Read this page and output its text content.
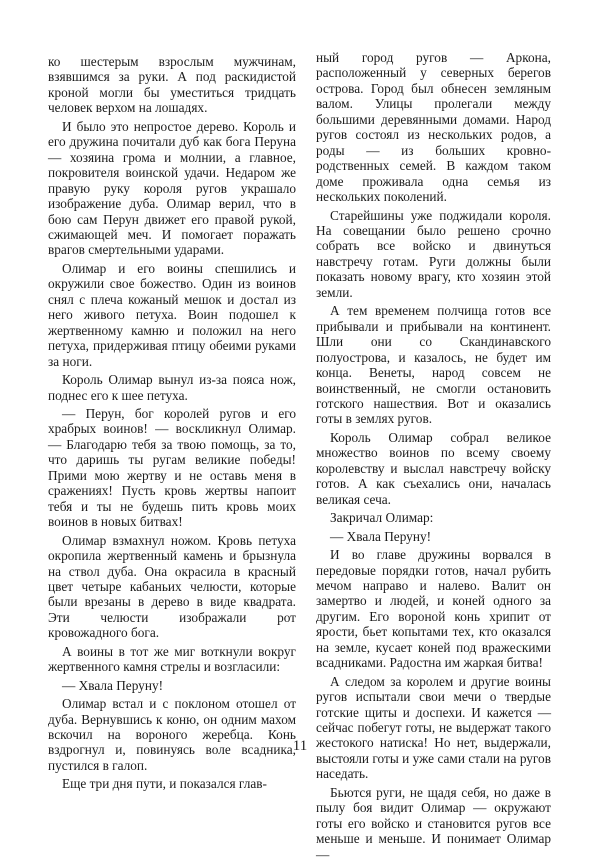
ко шестерым взрослым мужчинам, взявшимся за руки. А под раскидистой кроной могли бы уместиться тридцать человек верхом на лошадях.

И было это непростое дерево. Король и его дружина почитали дуб как бога Перуна — хозяина грома и молнии, а главное, покровителя воинской удачи. Недаром же правую руку короля ругов украшало изображение дуба. Олимар верил, что в бою сам Перун движет его правой рукой, сжимающей меч. И помогает поражать врагов смертельными ударами.

Олимар и его воины спешились и окружили свое божество. Один из воинов снял с плеча кожаный мешок и достал из него живого петуха. Воин подошел к жертвенному камню и положил на него петуха, придерживая птицу обеими руками за ноги.

Король Олимар вынул из-за пояса нож, поднес его к шее петуха.

— Перун, бог королей ругов и его храбрых воинов! — воскликнул Олимар. — Благодарю тебя за твою помощь, за то, что даришь ты ругам великие победы! Прими мою жертву и не оставь меня в сражениях! Пусть кровь жертвы напоит тебя и ты не будешь пить кровь моих воинов в новых битвах!

Олимар взмахнул ножом. Кровь петуха окропила жертвенный камень и брызнула на ствол дуба. Она окрасила в красный цвет четыре кабаньих челюсти, которые были врезаны в дерево в виде квадрата. Эти челюсти изображали рот кровожадного бога.

А воины в тот же миг воткнули вокруг жертвенного камня стрелы и возгласили:

— Хвала Перуну!

Олимар встал и с поклоном отошел от дуба. Вернувшись к коню, он одним махом вскочил на вороного жеребца. Конь вздрогнул и, повинуясь воле всадника, пустился в галоп.

Еще три дня пути, и показался глав-

ный город ругов — Аркона, расположенный у северных берегов острова. Город был обнесен земляным валом. Улицы пролегали между большими деревянными домами. Народ ругов состоял из нескольких родов, а роды — из больших кровно-родственных семей. В каждом таком доме проживала одна семья из нескольких поколений.

Старейшины уже поджидали короля. На совещании было решено срочно собрать все войско и двинуться навстречу готам. Руги должны были показать новому врагу, кто хозяин этой земли.

А тем временем полчища готов все прибывали и прибывали на континент. Шли они со Скандинавского полуострова, и казалось, не будет им конца. Венеты, народ совсем не воинственный, не смогли остановить готского нашествия. Вот и оказались готы в землях ругов.

Король Олимар собрал великое множество воинов по всему своему королевству и выслал навстречу войску готов. А как съехались они, началась великая сеча.

Закричал Олимар:

— Хвала Перуну!

И во главе дружины ворвался в передовые порядки готов, начал рубить мечом направо и налево. Валит он замертво и людей, и коней одного за другим. Его вороной конь хрипит от ярости, бьет копытами тех, кто оказался на земле, кусает коней под вражескими всадниками. Радостна им жаркая битва!

А следом за королем и другие воины ругов испытали свои мечи о твердые готские щиты и доспехи. И кажется — сейчас побегут готы, не выдержат такого жестокого натиска! Но нет, выдержали, выстояли готы и уже сами стали на ругов наседать.

Бьются руги, не щадя себя, но даже в пылу боя видит Олимар — окружают готы его войско и становится ругов все меньше и меньше. И понимает Олимар —

11
